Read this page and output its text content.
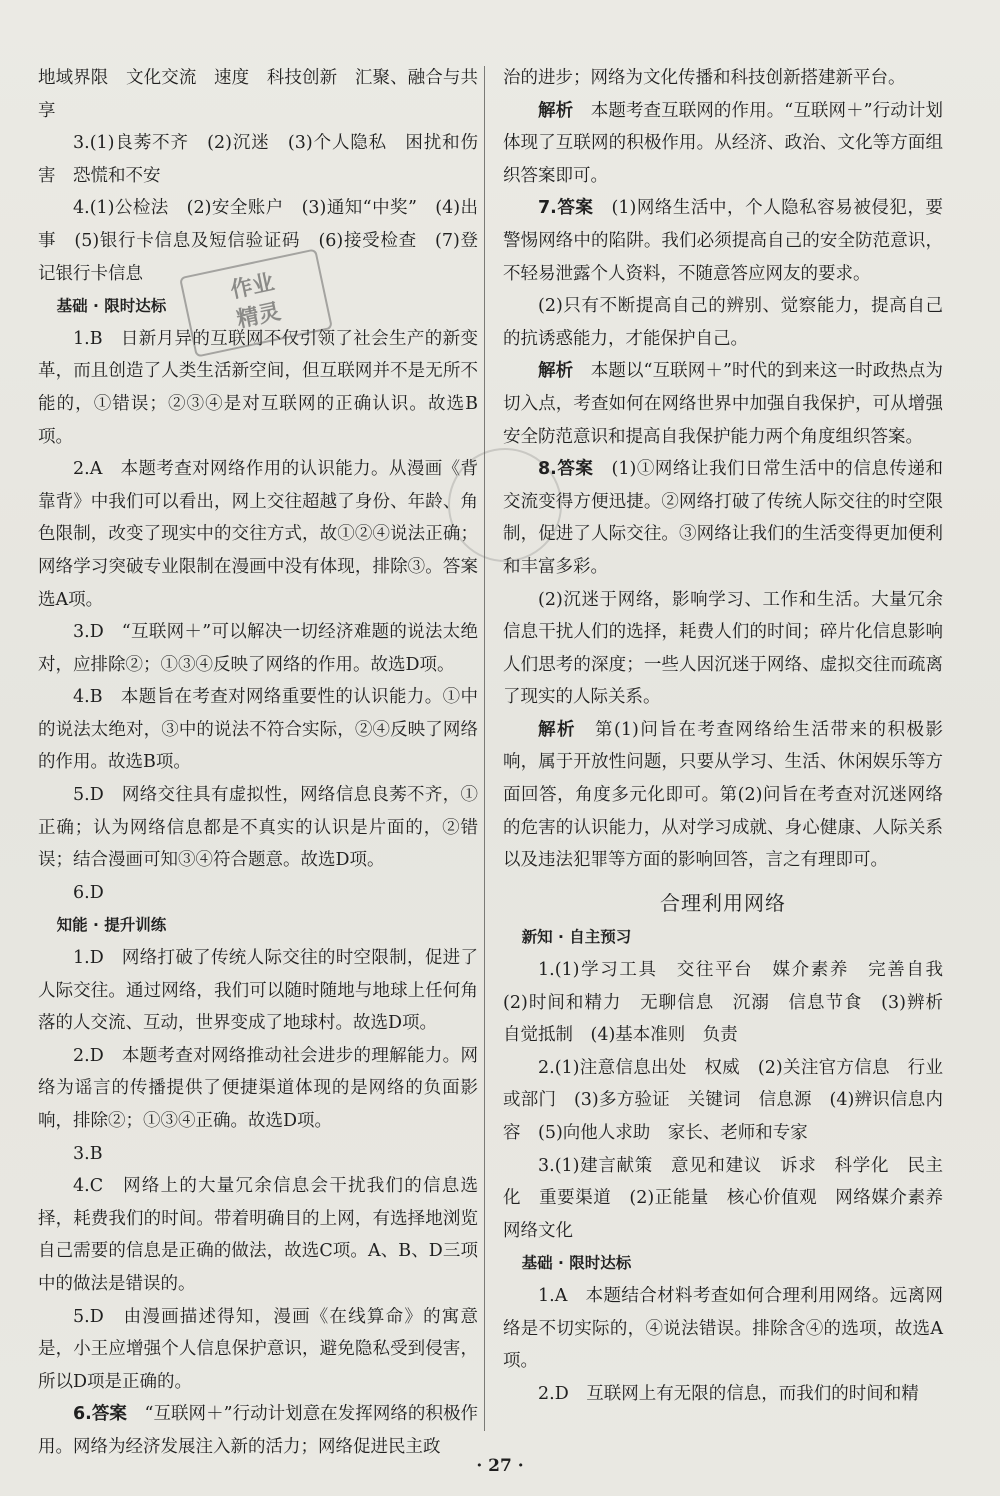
地域界限　文化交流　速度　科技创新　汇聚、融合与共享

3.(1)良莠不齐　(2)沉迷　(3)个人隐私　困扰和伤害　恐慌和不安

4.(1)公检法　(2)安全账户　(3)通知“中奖”　(4)出事　(5)银行卡信息及短信验证码　(6)接受检查　(7)登记银行卡信息

基础 · 限时达标

1.B　日新月异的互联网不仅引领了社会生产的新变革，而且创造了人类生活新空间，但互联网并不是无所不能的，①错误；②③④是对互联网的正确认识。故选B项。

2.A　本题考查对网络作用的认识能力。从漫画《背靠背》中我们可以看出，网上交往超越了身份、年龄、角色限制，改变了现实中的交往方式，故①②④说法正确；网络学习突破专业限制在漫画中没有体现，排除③。答案选A项。

3.D　“互联网＋”可以解决一切经济难题的说法太绝对，应排除②；①③④反映了网络的作用。故选D项。

4.B　本题旨在考查对网络重要性的认识能力。①中的说法太绝对，③中的说法不符合实际，②④反映了网络的作用。故选B项。

5.D　网络交往具有虚拟性，网络信息良莠不齐，①正确；认为网络信息都是不真实的认识是片面的，②错误；结合漫画可知③④符合题意。故选D项。

6.D

知能 · 提升训练

1.D　网络打破了传统人际交往的时空限制，促进了人际交往。通过网络，我们可以随时随地与地球上任何角落的人交流、互动，世界变成了地球村。故选D项。

2.D　本题考查对网络推动社会进步的理解能力。网络为谣言的传播提供了便捷渠道体现的是网络的负面影响，排除②；①③④正确。故选D项。

3.B

4.C　网络上的大量冗余信息会干扰我们的信息选择，耗费我们的时间。带着明确目的上网，有选择地浏览自己需要的信息是正确的做法，故选C项。A、B、D三项中的做法是错误的。

5.D　由漫画描述得知，漫画《在线算命》的寓意是，小王应增强个人信息保护意识，避免隐私受到侵害，所以D项是正确的。

6.答案　 “互联网＋”行动计划意在发挥网络的积极作用。网络为经济发展注入新的活力；网络促进民主政

治的进步；网络为文化传播和科技创新搭建新平台。

解析　 本题考查互联网的作用。“互联网＋”行动计划体现了互联网的积极作用。从经济、政治、文化等方面组织答案即可。

7.答案　 (1)网络生活中，个人隐私容易被侵犯，要警惕网络中的陷阱。我们必须提高自己的安全防范意识，不轻易泄露个人资料，不随意答应网友的要求。

(2)只有不断提高自己的辨别、觉察能力，提高自己的抗诱惑能力，才能保护自己。

解析　 本题以“互联网＋”时代的到来这一时政热点为切入点，考查如何在网络世界中加强自我保护，可从增强安全防范意识和提高自我保护能力两个角度组织答案。

8.答案　 (1)①网络让我们日常生活中的信息传递和交流变得方便迅捷。②网络打破了传统人际交往的时空限制，促进了人际交往。③网络让我们的生活变得更加便利和丰富多彩。

(2)沉迷于网络，影响学习、工作和生活。大量冗余信息干扰人们的选择，耗费人们的时间；碎片化信息影响人们思考的深度；一些人因沉迷于网络、虚拟交往而疏离了现实的人际关系。

解析　 第(1)问旨在考查网络给生活带来的积极影响，属于开放性问题，只要从学习、生活、休闲娱乐等方面回答，角度多元化即可。第(2)问旨在考查对沉迷网络的危害的认识能力，从对学习成就、身心健康、人际关系以及违法犯罪等方面的影响回答，言之有理即可。

合理利用网络

新知 · 自主预习

1.(1)学习工具　交往平台　媒介素养　完善自我　(2)时间和精力　无聊信息　沉溺　信息节食　(3)辨析　自觉抵制　(4)基本准则　负责

2.(1)注意信息出处　权威　(2)关注官方信息　行业或部门　(3)多方验证　关键词　信息源　(4)辨识信息内容　(5)向他人求助　家长、老师和专家

3.(1)建言献策　意见和建议　诉求　科学化　民主化　重要渠道　(2)正能量　核心价值观　网络媒介素养　网络文化

基础 · 限时达标

1.A　本题结合材料考查如何合理利用网络。远离网络是不切实际的，④说法错误。排除含④的选项，故选A项。

2.D　互联网上有无限的信息，而我们的时间和精

作业
精灵
· 27 ·
